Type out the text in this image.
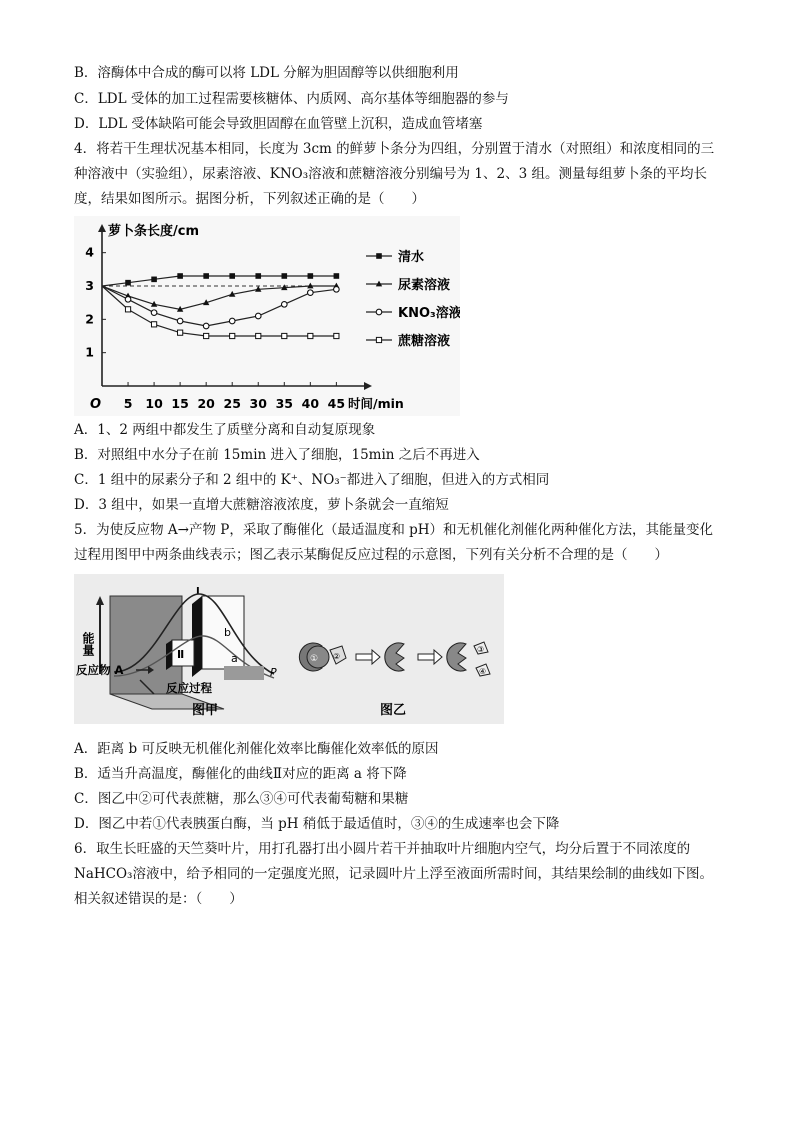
B．溶酶体中合成的酶可以将 LDL 分解为胆固醇等以供细胞利用
C．LDL 受体的加工过程需要核糖体、内质网、高尔基体等细胞器的参与
D．LDL 受体缺陷可能会导致胆固醇在血管壁上沉积，造成血管堵塞
4．将若干生理状况基本相同，长度为 3cm 的鲜萝卜条分为四组，分别置于清水（对照组）和浓度相同的三
种溶液中（实验组），尿素溶液、KNO₃溶液和蔗糖溶液分别编号为 1、2、3 组。测量每组萝卜条的平均长
度，结果如图所示。据图分析，下列叙述正确的是（　　）
萝卜条长度/cm
时间/min
O 5 10 15 20 25 30 35 40 45
1
2
3
4	清水
尿素溶液
KNO₃溶液
蔗糖溶液
A．1、2 两组中都发生了质壁分离和自动复原现象
B．对照组中水分子在前 15min 进入了细胞，15min 之后不再进入
C．1 组中的尿素分子和 2 组中的 K⁺、NO₃⁻都进入了细胞，但进入的方式相同
D．3 组中，如果一直增大蔗糖溶液浓度，萝卜条就会一直缩短
5．为使反应物 A→产物 P，采取了酶催化（最适温度和 pH）和无机催化剂催化两种催化方法，其能量变化
过程用图甲中两条曲线表示；图乙表示某酶促反应过程的示意图，下列有关分析不合理的是（　　）
能量	b
Ⅰ
Ⅱ	a
P
反应物 A
反应过程
图甲
① ②
③
④
图乙
A．距离 b 可反映无机催化剂催化效率比酶催化效率低的原因
B．适当升高温度，酶催化的曲线Ⅱ对应的距离 a 将下降
C．图乙中②可代表蔗糖，那么③④可代表葡萄糖和果糖
D．图乙中若①代表胰蛋白酶，当 pH 稍低于最适值时，③④的生成速率也会下降
6．取生长旺盛的天竺葵叶片，用打孔器打出小圆片若干并抽取叶片细胞内空气，均分后置于不同浓度的
NaHCO₃溶液中，给予相同的一定强度光照，记录圆叶片上浮至液面所需时间，其结果绘制的曲线如下图。
相关叙述错误的是：（　　）
